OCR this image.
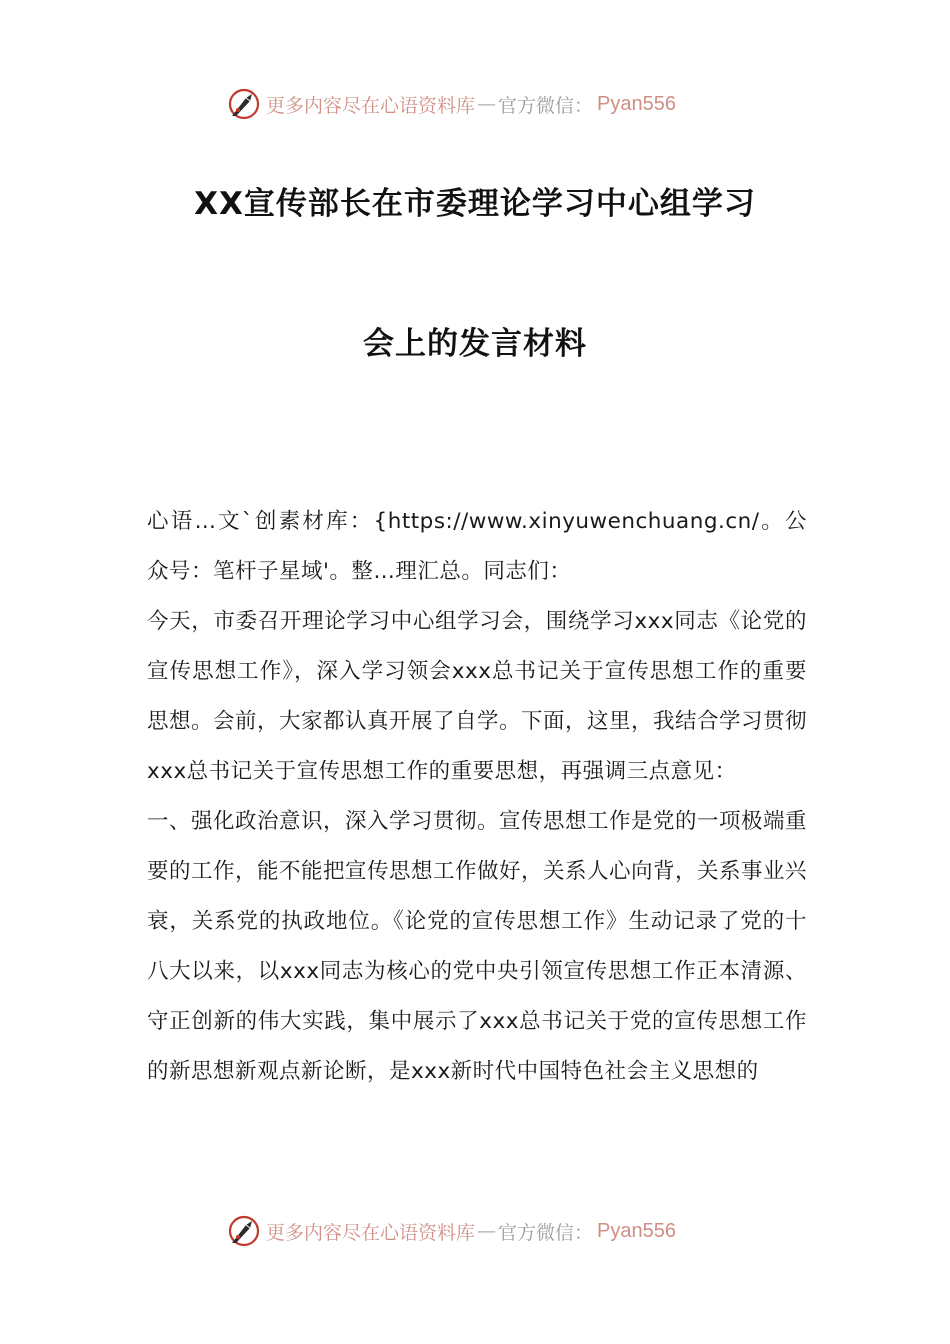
更多内容尽在心语资料库 — 官方微信： Pyan556
XX宣传部长在市委理论学习中心组学习
会上的发言材料

心语…文`创素材库：{https://www.xinyuwenchuang.cn/。公众号：笔杆子星域'。整…理汇总。同志们：

今天，市委召开理论学习中心组学习会，围绕学习xxx同志《论党的宣传思想工作》，深入学习领会xxx总书记关于宣传思想工作的重要思想。会前，大家都认真开展了自学。下面，这里，我结合学习贯彻xxx总书记关于宣传思想工作的重要思想，再强调三点意见：

一、强化政治意识，深入学习贯彻。宣传思想工作是党的一项极端重要的工作，能不能把宣传思想工作做好，关系人心向背，关系事业兴衰，关系党的执政地位。《论党的宣传思想工作》生动记录了党的十八大以来，以xxx同志为核心的党中央引领宣传思想工作正本清源、守正创新的伟大实践，集中展示了xxx总书记关于党的宣传思想工作的新思想新观点新论断，是xxx新时代中国特色社会主义思想的

更多内容尽在心语资料库 — 官方微信： Pyan556
